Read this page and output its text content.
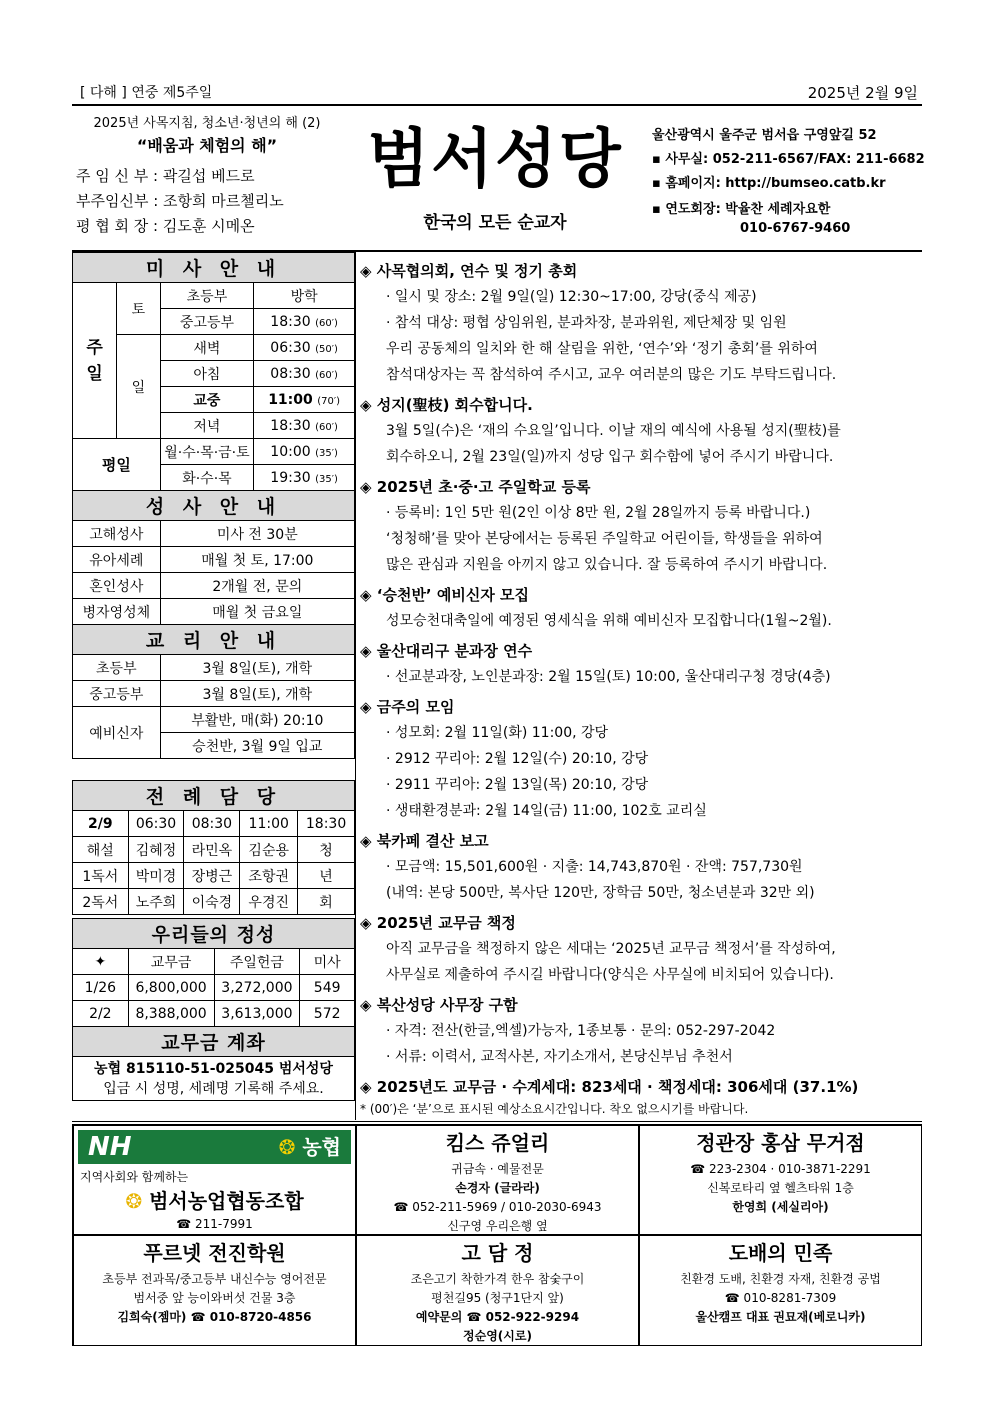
[ 다해 ] 연중 제5주일	2025년 2월 9일
2025년 사목지침, 청소년·청년의 해 (2)
“배움과 체험의 해”
주 임 신 부 : 곽길섭 베드로
부주임신부 : 조항희 마르첼리노
평 협 회 장 : 김도훈 시메온
범서성당
한국의 모든 순교자
울산광역시 울주군 범서읍 구영앞길 52
▪ 사무실: 052-211-6567/FAX: 211-6682
▪ 홈페이지: http://bumseo.catb.kr
▪ 연도회장: 박율찬 세례자요한
010-6767-9460
미 사 안 내			
주
일	토	초등부	방학
		중고등부	18:30 (60′)
	일	새벽	06:30 (50′)
		아침	08:30 (60′)
		교중	11:00 (70′)
		저녁	18:30 (60′)
평일		월·수·목·금·토	10:00 (35′)
		화·수·목	19:30 (35′)
성 사 안 내			
고해성사		미사 전 30분	
유아세례		매월 첫 토, 17:00	
혼인성사		2개월 전, 문의	
병자영성체		매월 첫 금요일	
교 리 안 내			
초등부		3월 8일(토), 개학	
중고등부		3월 8일(토), 개학	
예비신자		부활반, 매(화) 20:10	
		승천반, 3월 9일 입교	
전 례 담 당				
2/9	06:30	08:30	11:00	18:30
해설	김혜정	라민옥	김순용	청
1독서	박미경	장병근	조항권	년
2독서	노주희	이숙경	우경진	회
우리들의 정성			
✦	교무금	주일헌금	미사
1/26	6,800,000	3,272,000	549
2/2	8,388,000	3,613,000	572
교무금 계좌			

농협 815110-51-025045 범서성당
입금 시 성명, 세례명 기록해 주세요.			
◈ 사목협의회, 연수 및 정기 총회
· 일시 및 장소: 2월 9일(일) 12:30~17:00, 강당(중식 제공)
· 참석 대상: 평협 상임위원, 분과차장, 분과위원, 제단체장 및 임원
우리 공동체의 일치와 한 해 살림을 위한, ‘연수’와 ‘정기 총회’를 위하여
참석대상자는 꼭 참석하여 주시고, 교우 여러분의 많은 기도 부탁드립니다.
◈ 성지(聖枝) 회수합니다.
3월 5일(수)은 ‘재의 수요일’입니다. 이날 재의 예식에 사용될 성지(聖枝)를
회수하오니, 2월 23일(일)까지 성당 입구 회수함에 넣어 주시기 바랍니다.
◈ 2025년 초·중·고 주일학교 등록
· 등록비: 1인 5만 원(2인 이상 8만 원, 2월 28일까지 등록 바랍니다.)
‘청청해’를 맞아 본당에서는 등록된 주일학교 어린이들, 학생들을 위하여
많은 관심과 지원을 아끼지 않고 있습니다. 잘 등록하여 주시기 바랍니다.
◈ ‘승천반’ 예비신자 모집
성모승천대축일에 예정된 영세식을 위해 예비신자 모집합니다(1월~2월).
◈ 울산대리구 분과장 연수
· 선교분과장, 노인분과장: 2월 15일(토) 10:00, 울산대리구청 경당(4층)
◈ 금주의 모임
· 성모회: 2월 11일(화) 11:00, 강당
· 2912 꾸리아: 2월 12일(수) 20:10, 강당
· 2911 꾸리아: 2월 13일(목) 20:10, 강당
· 생태환경분과: 2월 14일(금) 11:00, 102호 교리실
◈ 북카페 결산 보고
· 모금액: 15,501,600원 · 지출: 14,743,870원 · 잔액: 757,730원
(내역: 본당 500만, 복사단 120만, 장학금 50만, 청소년분과 32만 외)
◈ 2025년 교무금 책정
아직 교무금을 책정하지 않은 세대는 ‘2025년 교무금 책정서’를 작성하여,
사무실로 제출하여 주시길 바랍니다(양식은 사무실에 비치되어 있습니다).
◈ 복산성당 사무장 구함
· 자격: 전산(한글,엑셀)가능자, 1종보통 · 문의: 052-297-2042
· 서류: 이력서, 교적사본, 자기소개서, 본당신부님 추천서
◈ 2025년도 교무금 · 수계세대: 823세대 · 책정세대: 306세대 (37.1%)
* (00′)은 ‘분’으로 표시된 예상소요시간입니다. 착오 없으시기를 바랍니다.
NH	❂ 농협
지역사회와 함께하는
❂ 범서농업협동조합
☎ 211-7991
킴스 쥬얼리
귀금속 · 예물전문
손경자 (글라라)
☎ 052-211-5969 / 010-2030-6943
신구영 우리은행 옆
정관장 홍삼 무거점
☎ 223-2304 · 010-3871-2291
신복로타리 옆 헬츠타워 1층
한영희 (세실리아)
푸르넷 전진학원
초등부 전과목/중고등부 내신수능 영어전문
범서중 앞 능이와버섯 건물 3층
김희숙(젬마) ☎ 010-8720-4856
고 담 정
조은고기 착한가격 한우 참숯구이
평천길95 (청구1단지 앞)
예약문의 ☎ 052-922-9294
정순영(시로)
도배의 민족
친환경 도배, 친환경 자재, 친환경 공법
☎ 010-8281-7309
울산캠프 대표 권묘재(베로니카)
